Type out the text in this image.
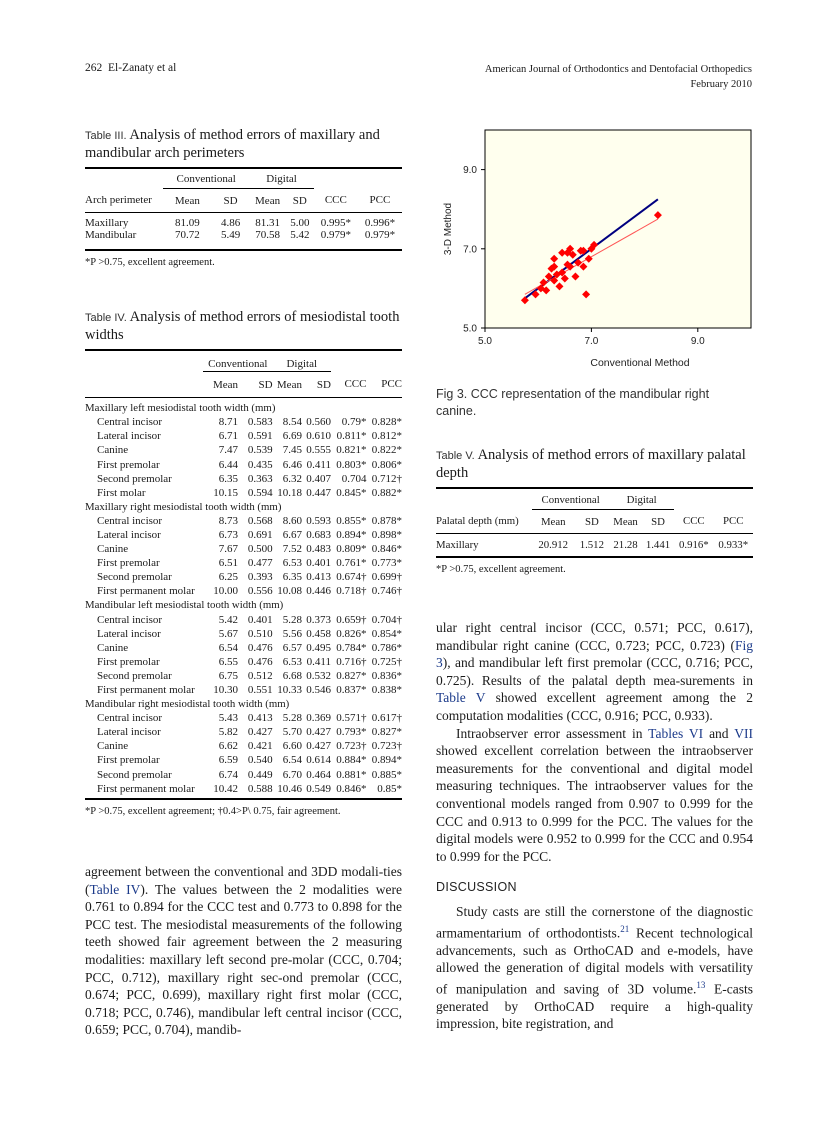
262 El-Zanaty et al	American Journal of Orthodontics and Dentofacial Orthopedics
February 2010
Table III. Analysis of method errors of maxillary and mandibular arch perimeters
	Conventional		Digital			
Arch perimeter	Mean	SD	Mean	SD	CCC	PCC
Maxillary	81.09	4.86	81.31	5.00	0.995*	0.996*
Mandibular	70.72	5.49	70.58	5.42	0.979*	0.979*
*P >0.75, excellent agreement.
Table IV. Analysis of method errors of mesiodistal tooth widths
	Conventional		Digital			
	Mean	SD	Mean	SD	CCC	PCC
Maxillary left mesiodistal tooth width (mm)						
Central incisor	8.71	0.583	8.54	0.560	0.79*	0.828*
Lateral incisor	6.71	0.591	6.69	0.610	0.811*	0.812*
Canine	7.47	0.539	7.45	0.555	0.821*	0.822*
First premolar	6.44	0.435	6.46	0.411	0.803*	0.806*
Second premolar	6.35	0.363	6.32	0.407	0.704	0.712†
First molar	10.15	0.594	10.18	0.447	0.845*	0.882*
Maxillary right mesiodistal tooth width (mm)						
Central incisor	8.73	0.568	8.60	0.593	0.855*	0.878*
Lateral incisor	6.73	0.691	6.67	0.683	0.894*	0.898*
Canine	7.67	0.500	7.52	0.483	0.809*	0.846*
First premolar	6.51	0.477	6.53	0.401	0.761*	0.773*
Second premolar	6.25	0.393	6.35	0.413	0.674†	0.699†
First permanent molar	10.00	0.556	10.08	0.446	0.718†	0.746†
Mandibular left mesiodistal tooth width (mm)						
Central incisor	5.42	0.401	5.28	0.373	0.659†	0.704†
Lateral incisor	5.67	0.510	5.56	0.458	0.826*	0.854*
Canine	6.54	0.476	6.57	0.495	0.784*	0.786*
First premolar	6.55	0.476	6.53	0.411	0.716†	0.725†
Second premolar	6.75	0.512	6.68	0.532	0.827*	0.836*
First permanent molar	10.30	0.551	10.33	0.546	0.837*	0.838*
Mandibular right mesiodistal tooth width (mm)						
Central incisor	5.43	0.413	5.28	0.369	0.571†	0.617†
Lateral incisor	5.82	0.427	5.70	0.427	0.793*	0.827*
Canine	6.62	0.421	6.60	0.427	0.723†	0.723†
First premolar	6.59	0.540	6.54	0.614	0.884*	0.894*
Second premolar	6.74	0.449	6.70	0.464	0.881*	0.885*
First permanent molar	10.42	0.588	10.46	0.549	0.846*	0.85*
*P >0.75, excellent agreement; †0.4>P\ 0.75, fair agreement.
5.0	7.0	9.0
5.0
7.0
9.0
Conventional Method
3-D Method
Fig 3. CCC representation of the mandibular right canine.
Table V. Analysis of method errors of maxillary palatal depth
	Conventional		Digital			
Palatal depth (mm)	Mean	SD	Mean	SD	CCC	PCC
Maxillary	20.912	1.512	21.28	1.441	0.916*	0.933*
*P >0.75, excellent agreement.

agreement between the conventional and 3DD modali-ties (Table IV). The values between the 2 modalities were 0.761 to 0.894 for the CCC test and 0.773 to 0.898 for the PCC test. The mesiodistal measurements of the following teeth showed fair agreement between the 2 measuring modalities: maxillary left second pre-molar (CCC, 0.704; PCC, 0.712), maxillary right sec-ond premolar (CCC, 0.674; PCC, 0.699), maxillary right first molar (CCC, 0.718; PCC, 0.746), mandibular left central incisor (CCC, 0.659; PCC, 0.704), mandib-

ular right central incisor (CCC, 0.571; PCC, 0.617), mandibular right canine (CCC, 0.723; PCC, 0.723) (Fig 3), and mandibular left first premolar (CCC, 0.716; PCC, 0.725). Results of the palatal depth mea-surements in Table V showed excellent agreement among the 2 computation modalities (CCC, 0.916; PCC, 0.933).

Intraobserver error assessment in Tables VI and VII showed excellent correlation between the intraobserver measurements for the conventional and digital model measuring techniques. The intraobserver values for the conventional models ranged from 0.907 to 0.999 for the CCC and 0.913 to 0.999 for the PCC. The values for the digital models were 0.952 to 0.999 for the CCC and 0.954 to 0.999 for the PCC.

DISCUSSION

Study casts are still the cornerstone of the diagnostic armamentarium of orthodontists.$^{21}$ Recent technological advancements, such as OrthoCAD and e-models, have allowed the generation of digital models with versatility of manipulation and saving of 3D volume.$^{13}$ E-casts generated by OrthoCAD require a high-quality impression, bite registration, and
